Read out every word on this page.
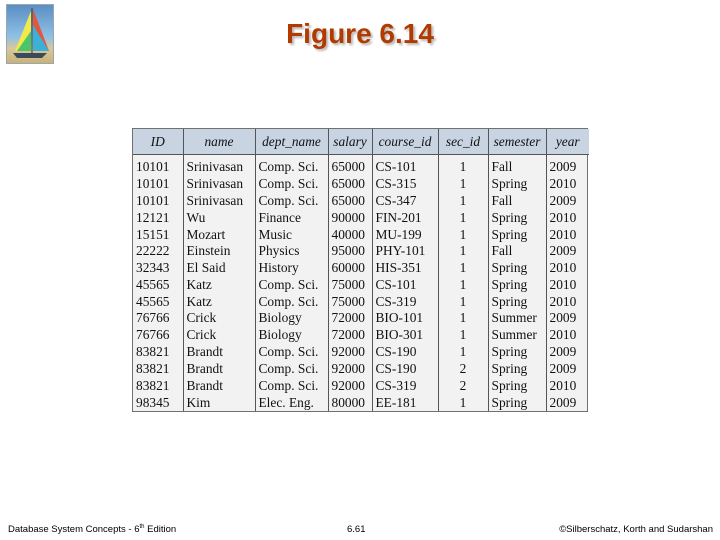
Figure 6.14
ID	name	dept_name	salary	course_id	sec_id	semester	year
10101	Srinivasan	Comp. Sci.	65000	CS-101	1	Fall	2009
10101	Srinivasan	Comp. Sci.	65000	CS-315	1	Spring	2010
10101	Srinivasan	Comp. Sci.	65000	CS-347	1	Fall	2009
12121	Wu	Finance	90000	FIN-201	1	Spring	2010
15151	Mozart	Music	40000	MU-199	1	Spring	2010
22222	Einstein	Physics	95000	PHY-101	1	Fall	2009
32343	El Said	History	60000	HIS-351	1	Spring	2010
45565	Katz	Comp. Sci.	75000	CS-101	1	Spring	2010
45565	Katz	Comp. Sci.	75000	CS-319	1	Spring	2010
76766	Crick	Biology	72000	BIO-101	1	Summer	2009
76766	Crick	Biology	72000	BIO-301	1	Summer	2010
83821	Brandt	Comp. Sci.	92000	CS-190	1	Spring	2009
83821	Brandt	Comp. Sci.	92000	CS-190	2	Spring	2009
83821	Brandt	Comp. Sci.	92000	CS-319	2	Spring	2010
98345	Kim	Elec. Eng.	80000	EE-181	1	Spring	2009
Database System Concepts - 6th Edition	6.61	©Silberschatz, Korth and Sudarshan
